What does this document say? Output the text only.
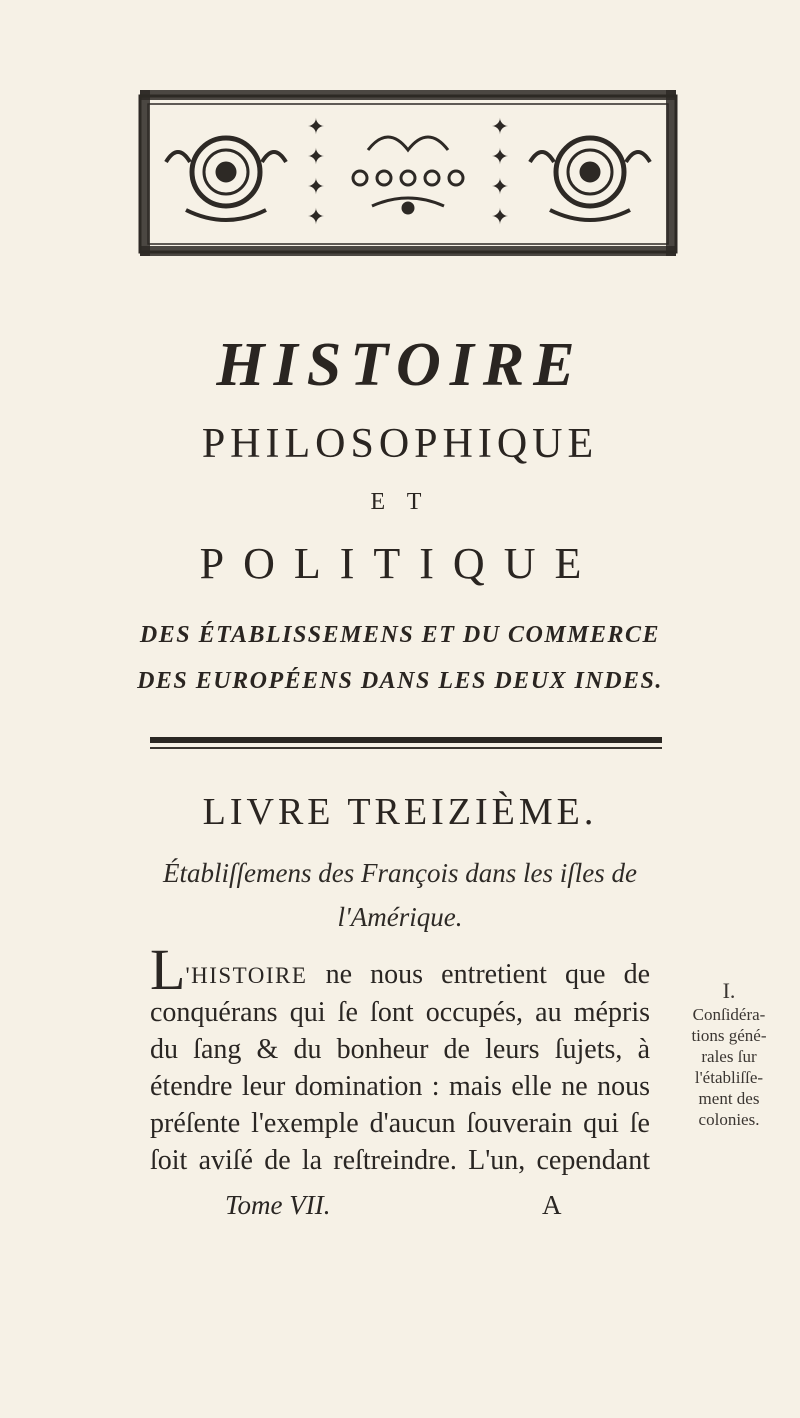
✦
✦
✦
✦
✦
✦
✦
✦
HISTOIRE
PHILOSOPHIQUE
E T
POLITIQUE
DES ÉTABLISSEMENS ET DU COMMERCE
DES EUROPÉENS DANS LES DEUX INDES.
LIVRE TREIZIÈME.
Établiſſemens des François dans les iſles de
l'Amérique.
L'HISTOIRE ne nous entretient que de
conquérans qui ſe ſont occupés, au mépris
du ſang & du bonheur de leurs ſujets, à
étendre leur domination : mais elle ne nous
préſente l'exemple d'aucun ſouverain qui ſe
ſoit aviſé de la reſtreindre. L'un, cependant
I.
Conſidéra-
tions géné-
rales ſur
l'établiſſe-
ment des
colonies.
Tome VII.	A
